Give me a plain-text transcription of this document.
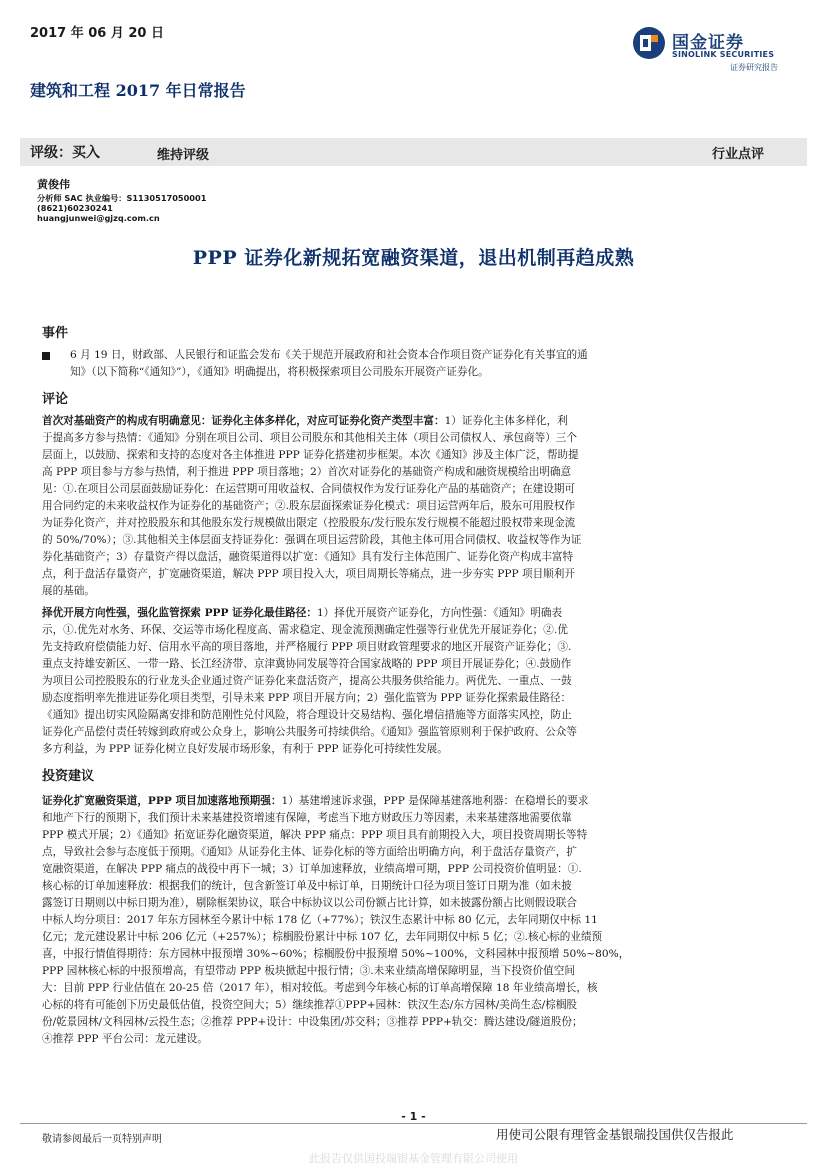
2017 年 06 月 20 日	国金证券
SINOLINK SECURITIES
证券研究报告
建筑和工程 2017 年日常报告
评级：买入	维持评级	行业点评
黄俊伟
分析师 SAC 执业编号：S1130517050001
(8621)60230241
huangjunwei@gjzq.com.cn
PPP 证券化新规拓宽融资渠道，退出机制再趋成熟
事件
6 月 19 日，财政部、人民银行和证监会发布《关于规范开展政府和社会资本合作项目资产证券化有关事宜的通
知》（以下简称“《通知》”），《通知》明确提出，将积极探索项目公司股东开展资产证券化。
评论
首次对基础资产的构成有明确意见：证券化主体多样化，对应可证券化资产类型丰富：1）证券化主体多样化，利
于提高多方参与热情：《通知》分别在项目公司、项目公司股东和其他相关主体（项目公司债权人、承包商等）三个
层面上，以鼓励、探索和支持的态度对各主体推进 PPP 证券化搭建初步框架。本次《通知》涉及主体广泛，帮助提
高 PPP 项目参与方参与热情，利于推进 PPP 项目落地；2）首次对证券化的基础资产构成和融资规模给出明确意
见：①.在项目公司层面鼓励证券化：在运营期可用收益权、合同债权作为发行证券化产品的基础资产；在建设期可
用合同约定的未来收益权作为证券化的基础资产；②.股东层面探索证券化模式：项目运营两年后，股东可用股权作
为证券化资产，并对控股股东和其他股东发行规模做出限定（控股股东/发行股东发行规模不能超过股权带来现金流
的 50%/70%）；③.其他相关主体层面支持证券化：强调在项目运营阶段，其他主体可用合同债权、收益权等作为证
券化基础资产；3）存量资产得以盘活，融资渠道得以扩宽：《通知》具有发行主体范围广、证券化资产构成丰富特
点，利于盘活存量资产，扩宽融资渠道，解决 PPP 项目投入大，项目周期长等痛点，进一步夯实 PPP 项目顺利开
展的基础。
择优开展方向性强，强化监管探索 PPP 证券化最佳路径：1）择优开展资产证券化，方向性强：《通知》明确表
示，①.优先对水务、环保、交运等市场化程度高、需求稳定、现金流预测确定性强等行业优先开展证券化；②.优
先支持政府偿债能力好、信用水平高的项目落地，并严格履行 PPP 项目财政管理要求的地区开展资产证券化；③.
重点支持雄安新区、一带一路、长江经济带、京津冀协同发展等符合国家战略的 PPP 项目开展证券化；④.鼓励作
为项目公司控股股东的行业龙头企业通过资产证券化来盘活资产，提高公共服务供给能力。两优先、一重点、一鼓
励态度指明率先推进证券化项目类型，引导未来 PPP 项目开展方向；2）强化监管为 PPP 证券化探索最佳路径：
《通知》提出切实风险隔离安排和防范刚性兑付风险，将合理设计交易结构、强化增信措施等方面落实风控，防止
证券化产品偿付责任转嫁到政府或公众身上，影响公共服务可持续供给。《通知》强监管原则利于保护政府、公众等
多方利益，为 PPP 证券化树立良好发展市场形象，有利于 PPP 证券化可持续性发展。
投资建议
证券化扩宽融资渠道，PPP 项目加速落地预期强：1）基建增速诉求强，PPP 是保障基建落地利器：在稳增长的要求
和地产下行的预期下，我们预计未来基建投资增速有保障，考虑当下地方财政压力等因素，未来基建落地需要依靠
PPP 模式开展；2）《通知》拓宽证券化融资渠道，解决 PPP 痛点：PPP 项目具有前期投入大，项目投资周期长等特
点，导致社会参与态度低于预期。《通知》从证券化主体、证券化标的等方面给出明确方向，利于盘活存量资产，扩
宽融资渠道，在解决 PPP 痛点的战役中再下一城；3）订单加速释放，业绩高增可期，PPP 公司投资价值明显：①.
核心标的订单加速释放：根据我们的统计，包含新签订单及中标订单，日期统计口径为项目签订日期为准（如未披
露签订日期则以中标日期为准），剔除框架协议，联合中标协议以公司份额占比计算，如未披露份额占比则假设联合
中标人均分项目：2017 年东方园林至今累计中标 178 亿（+77%）；铁汉生态累计中标 80 亿元，去年同期仅中标 11
亿元；龙元建设累计中标 206 亿元（+257%）；棕榈股份累计中标 107 亿，去年同期仅中标 5 亿；②.核心标的业绩预
喜，中报行情值得期待：东方园林中报预增 30%~60%；棕榈股份中报预增 50%~100%，文科园林中报预增 50%~80%，
PPP 园林核心标的中报预增高，有望带动 PPP 板块掀起中报行情；③.未来业绩高增保障明显，当下投资价值空间
大：目前 PPP 行业估值在 20-25 倍（2017 年），相对较低。考虑到今年核心标的订单高增保障 18 年业绩高增长，核
心标的将有可能创下历史最低估值，投资空间大；5）继续推荐①PPP+园林：铁汉生态/东方园林/美尚生态/棕榈股
份/乾景园林/文科园林/云投生态；②推荐 PPP+设计：中设集团/苏交科；③推荐 PPP+轨交：腾达建设/隧道股份；
④推荐 PPP 平台公司：龙元建设。
- 1 -
敬请参阅最后一页特别声明	用使司公限有理管金基银瑞投国供仅告报此
此报告仅供国投瑞银基金管理有限公司使用
